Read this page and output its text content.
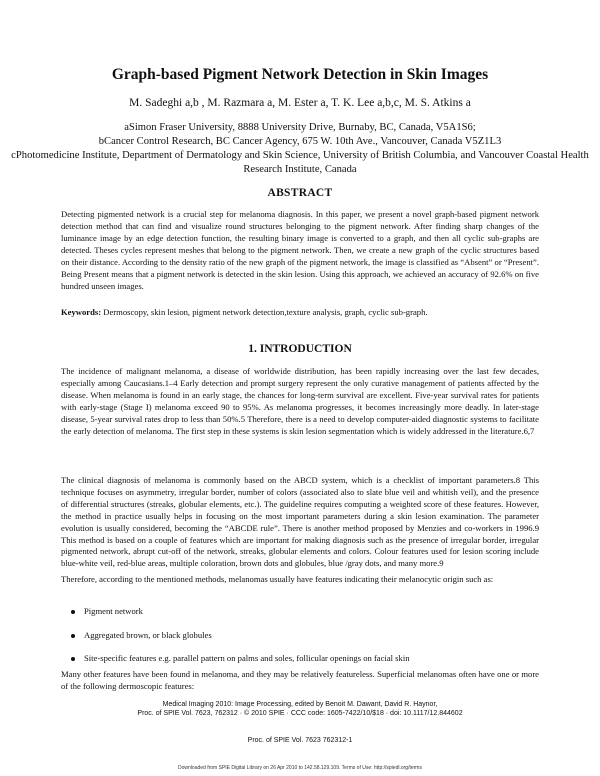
Graph-based Pigment Network Detection in Skin Images
M. Sadeghi a,b , M. Razmara a, M. Ester a, T. K. Lee a,b,c, M. S. Atkins a
aSimon Fraser University, 8888 University Drive, Burnaby, BC, Canada, V5A1S6;
bCancer Control Research, BC Cancer Agency, 675 W. 10th Ave., Vancouver, Canada V5Z1L3
cPhotomedicine Institute, Department of Dermatology and Skin Science, University of British Columbia, and Vancouver Coastal Health Research Institute, Canada
ABSTRACT
Detecting pigmented network is a crucial step for melanoma diagnosis. In this paper, we present a novel graph-based pigment network detection method that can find and visualize round structures belonging to the pigment network. After finding sharp changes of the luminance image by an edge detection function, the resulting binary image is converted to a graph, and then all cyclic sub-graphs are detected. Theses cycles represent meshes that belong to the pigment network. Then, we create a new graph of the cyclic structures based on their distance. According to the density ratio of the new graph of the pigment network, the image is classified as “Absent” or “Present”. Being Present means that a pigment network is detected in the skin lesion. Using this approach, we achieved an accuracy of 92.6% on five hundred unseen images.
Keywords: Dermoscopy, skin lesion, pigment network detection,texture analysis, graph, cyclic sub-graph.
1. INTRODUCTION
The incidence of malignant melanoma, a disease of worldwide distribution, has been rapidly increasing over the last few decades, especially among Caucasians.1–4 Early detection and prompt surgery represent the only curative management of patients affected by the disease. When melanoma is found in an early stage, the chances for long-term survival are excellent. Five-year survival rates for patients with early-stage (Stage I) melanoma exceed 90 to 95%. As melanoma progresses, it becomes increasingly more deadly. In later-stage disease, 5-year survival rates drop to less than 50%.5 Therefore, there is a need to develop computer-aided diagnostic systems to facilitate the early detection of melanoma. The first step in these systems is skin lesion segmentation which is widely addressed in the literature.6,7
The clinical diagnosis of melanoma is commonly based on the ABCD system, which is a checklist of important parameters.8 This technique focuses on asymmetry, irregular border, number of colors (associated also to slate blue veil and whitish veil), and the presence of differential structures (streaks, globular elements, etc.). The guideline requires computing a weighted score of these features. However, the method in practice usually helps in focusing on the most important parameters during a skin lesion examination. The parameter evolution is usually considered, becoming the “ABCDE rule”. There is another method proposed by Menzies and co-workers in 1996.9 This method is based on a couple of features which are important for making diagnosis such as the presence of irregular border, irregular pigmented network, abrupt cut-off of the network, streaks, globular elements and colors. Colour features used for lesion scoring include blue-white veil, red-blue areas, multiple coloration, brown dots and globules, blue /gray dots, and many more.9
Therefore, according to the mentioned methods, melanomas usually have features indicating their melanocytic origin such as:
Pigment network
Aggregated brown, or black globules
Site-specific features e.g. parallel pattern on palms and soles, follicular openings on facial skin
Many other features have been found in melanoma, and they may be relatively featureless. Superficial melanomas often have one or more of the following dermoscopic features:
Medical Imaging 2010: Image Processing, edited by Benoit M. Dawant, David R. Haynor,
Proc. of SPIE Vol. 7623, 762312 · © 2010 SPIE · CCC code: 1605-7422/10/$18 · doi: 10.1117/12.844602
Proc. of SPIE Vol. 7623 762312-1
Downloaded from SPIE Digital Library on 26 Apr 2010 to 142.58.129.109. Terms of Use: http://spiedl.org/terms
